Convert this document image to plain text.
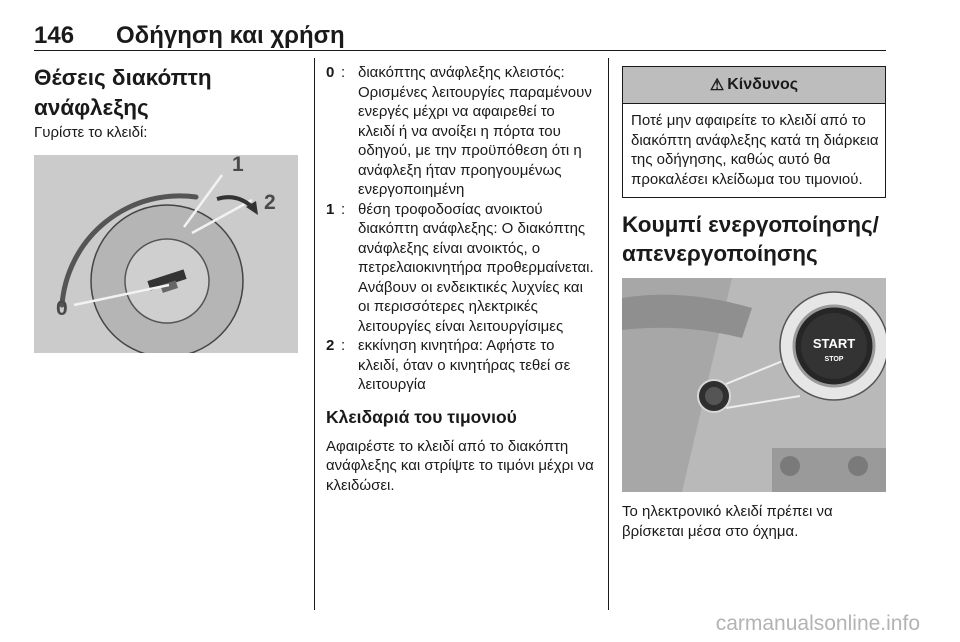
146 Οδήγηση και χρήση
Θέσεις διακόπτη ανάφλεξης

Γυρίστε το κλειδί:

1
2
0
0 : διακόπτης ανάφλεξης κλειστός: Ορισμένες λειτουργίες παραμένουν ενεργές μέχρι να αφαιρεθεί το κλειδί ή να ανοίξει η πόρτα του οδηγού, με την προϋπόθεση ότι η ανάφλεξη ήταν προηγουμένως ενεργοποιημένη
1 : θέση τροφοδοσίας ανοικτού διακόπτη ανάφλεξης: Ο διακόπτης ανάφλεξης είναι ανοικτός, ο πετρελαιοκινητήρα προθερμαίνεται. Ανάβουν οι ενδεικτικές λυχνίες και οι περισσότερες ηλεκτρικές λειτουργίες είναι λειτουργίσιμες
2 : εκκίνηση κινητήρα: Αφήστε το κλειδί, όταν ο κινητήρας τεθεί σε λειτουργία
Κλειδαριά του τιμονιού

Αφαιρέστε το κλειδί από το διακόπτη ανάφλεξης και στρίψτε το τιμόνι μέχρι να κλειδώσει.

⚠ Κίνδυνος
Ποτέ μην αφαιρείτε το κλειδί από το διακόπτη ανάφλεξης κατά τη διάρκεια της οδήγησης, καθώς αυτό θα προκαλέσει κλείδωμα του τιμονιού.
Κουμπί ενεργοποίησης/ απενεργοποίησης
START
STOP

Το ηλεκτρονικό κλειδί πρέπει να βρίσκεται μέσα στο όχημα.

carmanualsonline.info
